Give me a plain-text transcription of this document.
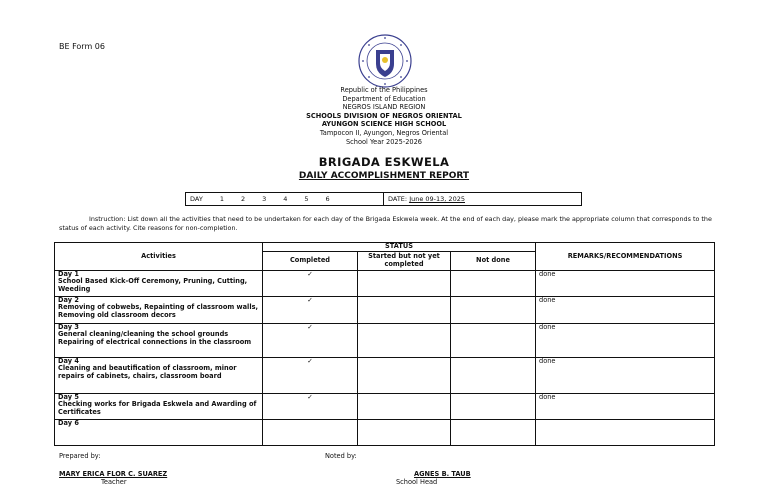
BE Form 06
Republic of the Philippines
Department of Education
NEGROS ISLAND REGION
SCHOOLS DIVISION OF NEGROS ORIENTAL
AYUNGON SCIENCE HIGH SCHOOL
Tampocon II, Ayungon, Negros Oriental
School Year 2025-2026
BRIGADA ESKWELA
DAILY ACCOMPLISHMENT REPORT
DAY	1	2	3	4	5	6	DATE: June 09-13, 2025
Instruction: List down all the activities that need to be undertaken for each day of the Brigada Eskwela week. At the end of each day, please mark the appropriate column that corresponds to the status of each activity. Cite reasons for non-completion.
Activities	STATUS			REMARKS/RECOMMENDATIONS
	Completed	Started but not yet completed	Not done	

Day 1
School Based Kick-Off Ceremony, Pruning, Cutting, Weeding	✓			done

Day 2
Removing of cobwebs, Repainting of classroom walls, Removing old classroom decors	✓			done

Day 3
General cleaning/cleaning the school grounds Repairing of electrical connections in the classroom	✓			done

Day 4
Cleaning and beautification of classroom, minor repairs of cabinets, chairs, classroom board	✓			done

Day 5
Checking works for Brigada Eskwela and Awarding of Certificates	✓			done

Day 6				

Prepared by:	Noted by:
MARY ERICA FLOR C. SUAREZ
Teacher
AGNES B. TAUB
School Head
